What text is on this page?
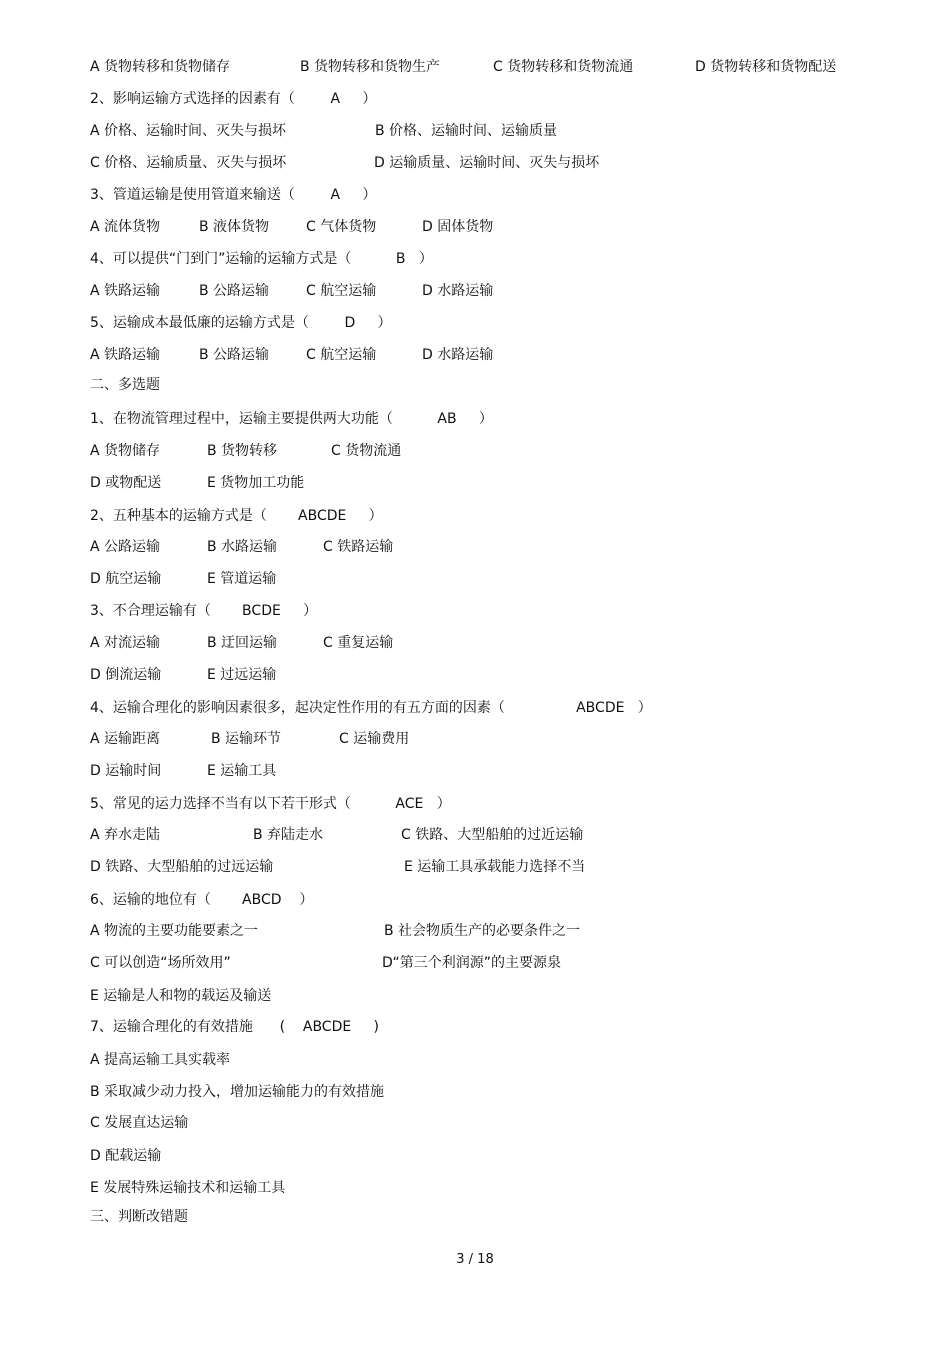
A 货物转移和货物储存	B 货物转移和货物生产	C 货物转移和货物流通	D 货物转移和货物配送
2、影响运输方式选择的因素有（        A     ）
A 价格、运输时间、灭失与损坏	B 价格、运输时间、运输质量
C 价格、运输质量、灭失与损坏	D 运输质量、运输时间、灭失与损坏
3、管道运输是使用管道来输送（        A     ）
A 流体货物	B 液体货物	C 气体货物	D 固体货物
4、可以提供“门到门”运输的运输方式是（          B   ）
A 铁路运输	B 公路运输	C 航空运输	D 水路运输
5、运输成本最低廉的运输方式是（        D     ）
A 铁路运输	B 公路运输	C 航空运输	D 水路运输
二、多选题
1、在物流管理过程中，运输主要提供两大功能（          AB     ）
A 货物储存	B 货物转移	C 货物流通
D 或物配送	E 货物加工功能
2、五种基本的运输方式是（       ABCDE     ）
A 公路运输	B 水路运输	C 铁路运输
D 航空运输	E 管道运输
3、不合理运输有（       BCDE     ）
A 对流运输	B 迂回运输	C 重复运输
D 倒流运输	E 过远运输
4、运输合理化的影响因素很多，起决定性作用的有五方面的因素（                ABCDE   ）
A 运输距离	B 运输环节	C 运输费用
D 运输时间	E 运输工具
5、常见的运力选择不当有以下若干形式（          ACE   ）
A 弃水走陆	B 弃陆走水	C 铁路、大型船舶的过近运输
D 铁路、大型船舶的过远运输	E 运输工具承载能力选择不当
6、运输的地位有（       ABCD    ）
A 物流的主要功能要素之一	B 社会物质生产的必要条件之一
C 可以创造“场所效用”	D“第三个利润源”的主要源泉
E 运输是人和物的载运及输送
7、运输合理化的有效措施      (    ABCDE     )
A 提高运输工具实载率
B 采取减少动力投入，增加运输能力的有效措施
C 发展直达运输
D 配载运输
E 发展特殊运输技术和运输工具
三、判断改错题
3 / 18
